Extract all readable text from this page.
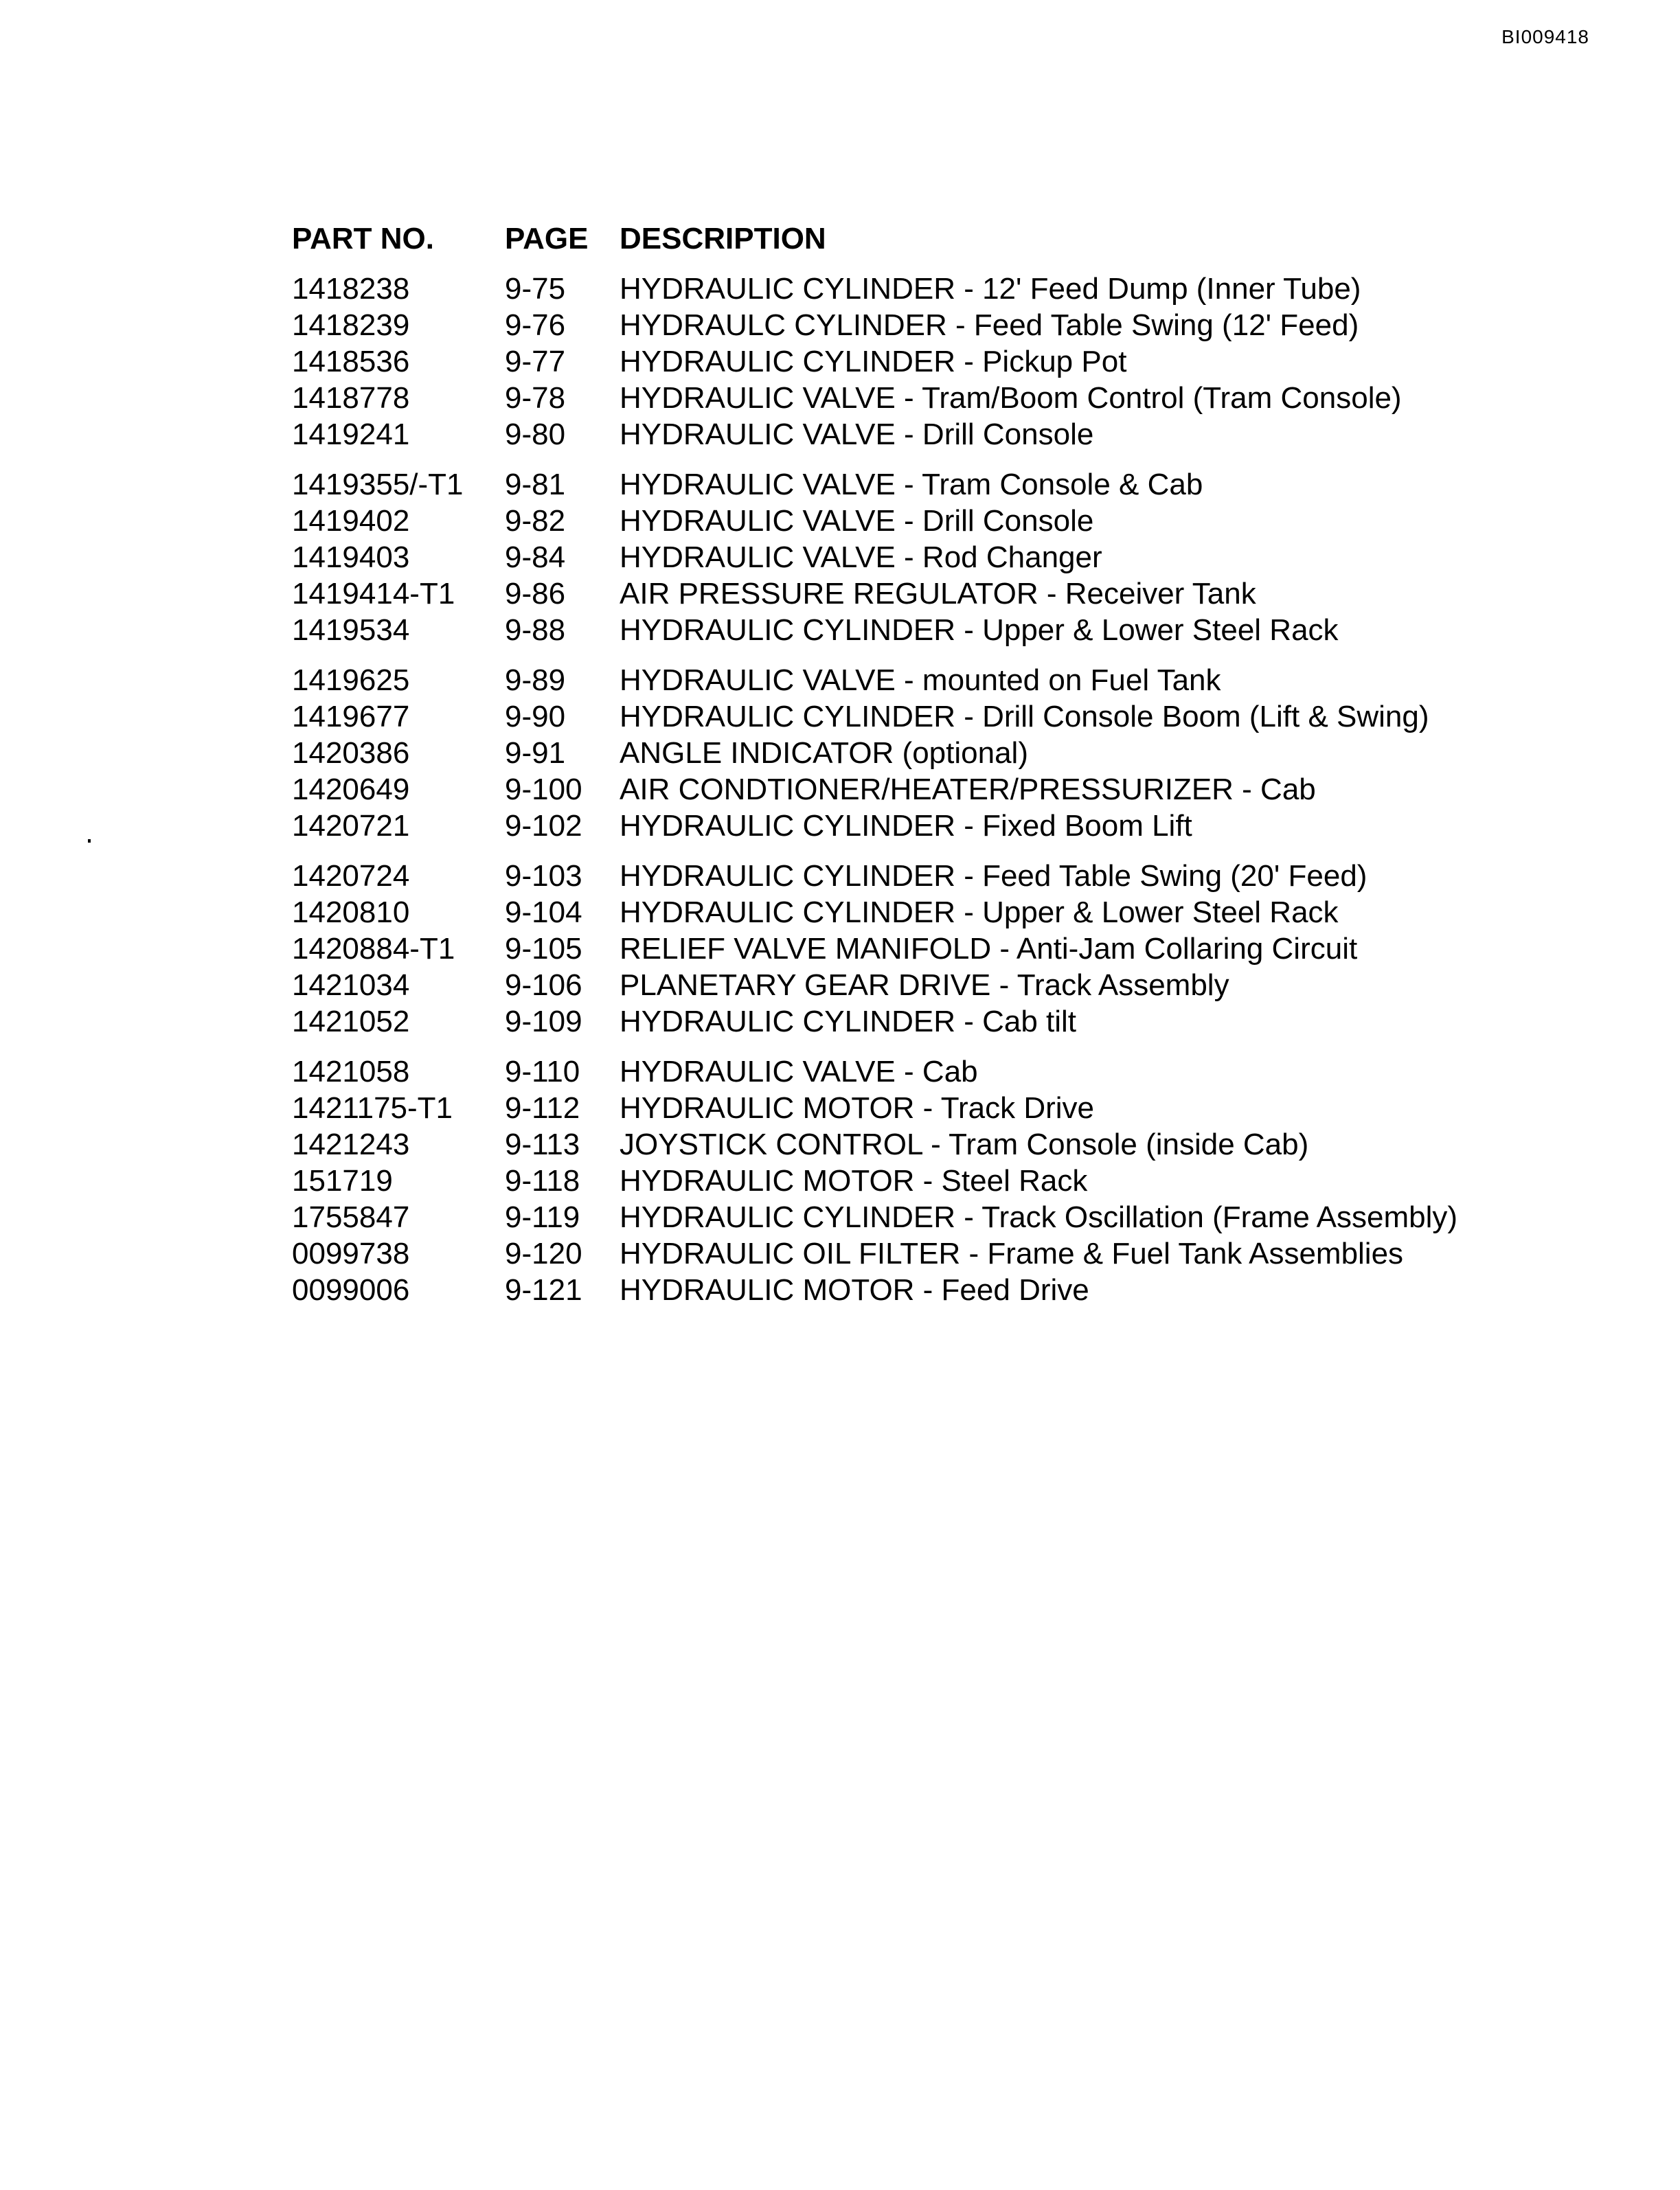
BI009418
PART NO.	PAGE	DESCRIPTION
1418238	9-75	HYDRAULIC CYLINDER - 12' Feed Dump (Inner Tube)
1418239	9-76	HYDRAULC CYLINDER - Feed Table Swing (12' Feed)
1418536	9-77	HYDRAULIC CYLINDER - Pickup Pot
1418778	9-78	HYDRAULIC VALVE - Tram/Boom Control (Tram Console)
1419241	9-80	HYDRAULIC VALVE - Drill Console
1419355/-T1	9-81	HYDRAULIC VALVE - Tram Console & Cab
1419402	9-82	HYDRAULIC VALVE - Drill Console
1419403	9-84	HYDRAULIC VALVE - Rod Changer
1419414-T1	9-86	AIR PRESSURE REGULATOR - Receiver Tank
1419534	9-88	HYDRAULIC CYLINDER - Upper & Lower Steel Rack
1419625	9-89	HYDRAULIC VALVE - mounted on Fuel Tank
1419677	9-90	HYDRAULIC CYLINDER - Drill Console Boom (Lift & Swing)
1420386	9-91	ANGLE INDICATOR (optional)
1420649	9-100	AIR CONDTIONER/HEATER/PRESSURIZER - Cab
1420721	9-102	HYDRAULIC CYLINDER - Fixed Boom Lift
1420724	9-103	HYDRAULIC CYLINDER - Feed Table Swing (20' Feed)
1420810	9-104	HYDRAULIC CYLINDER - Upper & Lower Steel Rack
1420884-T1	9-105	RELIEF VALVE MANIFOLD - Anti-Jam Collaring Circuit
1421034	9-106	PLANETARY GEAR DRIVE - Track Assembly
1421052	9-109	HYDRAULIC CYLINDER - Cab tilt
1421058	9-110	HYDRAULIC VALVE - Cab
1421175-T1	9-112	HYDRAULIC MOTOR - Track Drive
1421243	9-113	JOYSTICK CONTROL - Tram Console (inside Cab)
151719	9-118	HYDRAULIC MOTOR - Steel Rack
1755847	9-119	HYDRAULIC CYLINDER - Track Oscillation (Frame Assembly)
0099738	9-120	HYDRAULIC OIL FILTER - Frame & Fuel Tank Assemblies
0099006	9-121	HYDRAULIC MOTOR - Feed Drive
